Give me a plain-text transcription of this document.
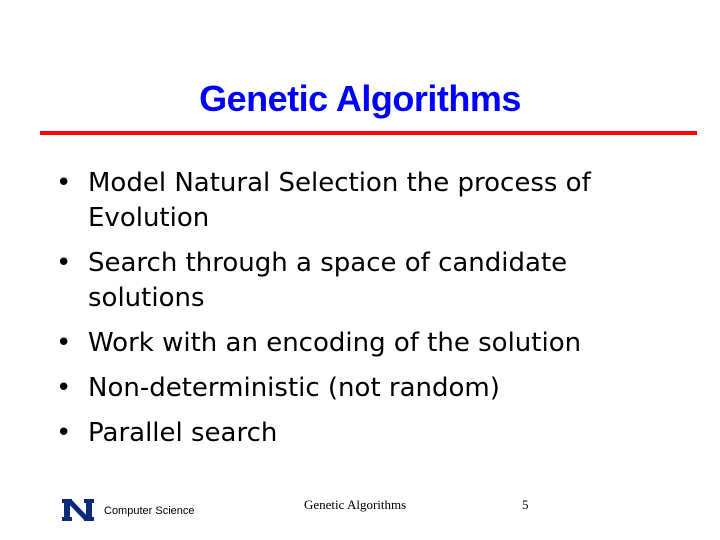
Genetic Algorithms
• Model Natural Selection the process of Evolution
• Search through a space of candidate solutions
• Work with an encoding of the solution
• Non-deterministic (not random)
• Parallel search
Computer Science	Genetic Algorithms	5
